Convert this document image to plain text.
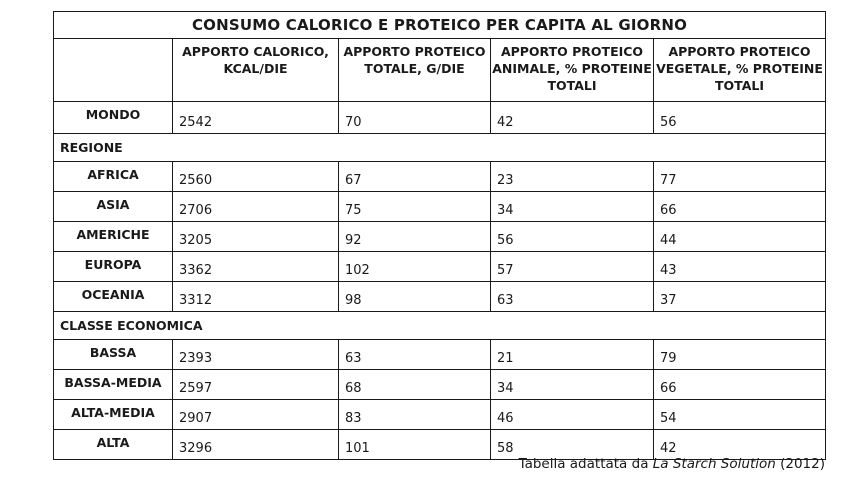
CONSUMO CALORICO E PROTEICO PER CAPITA AL GIORNO				
	APPORTO CALORICO, KCAL/DIE	APPORTO PROTEICO TOTALE, G/DIE	APPORTO PROTEICO ANIMALE, % PROTEINE TOTALI	APPORTO PROTEICO VEGETALE, % PROTEINE TOTALI
MONDO	2542	70	42	56
REGIONE				
AFRICA	2560	67	23	77
ASIA	2706	75	34	66
AMERICHE	3205	92	56	44
EUROPA	3362	102	57	43
OCEANIA	3312	98	63	37
CLASSE ECONOMICA				
BASSA	2393	63	21	79
BASSA-MEDIA	2597	68	34	66
ALTA-MEDIA	2907	83	46	54
ALTA	3296	101	58	42
Tabella adattata da La Starch Solution (2012)
